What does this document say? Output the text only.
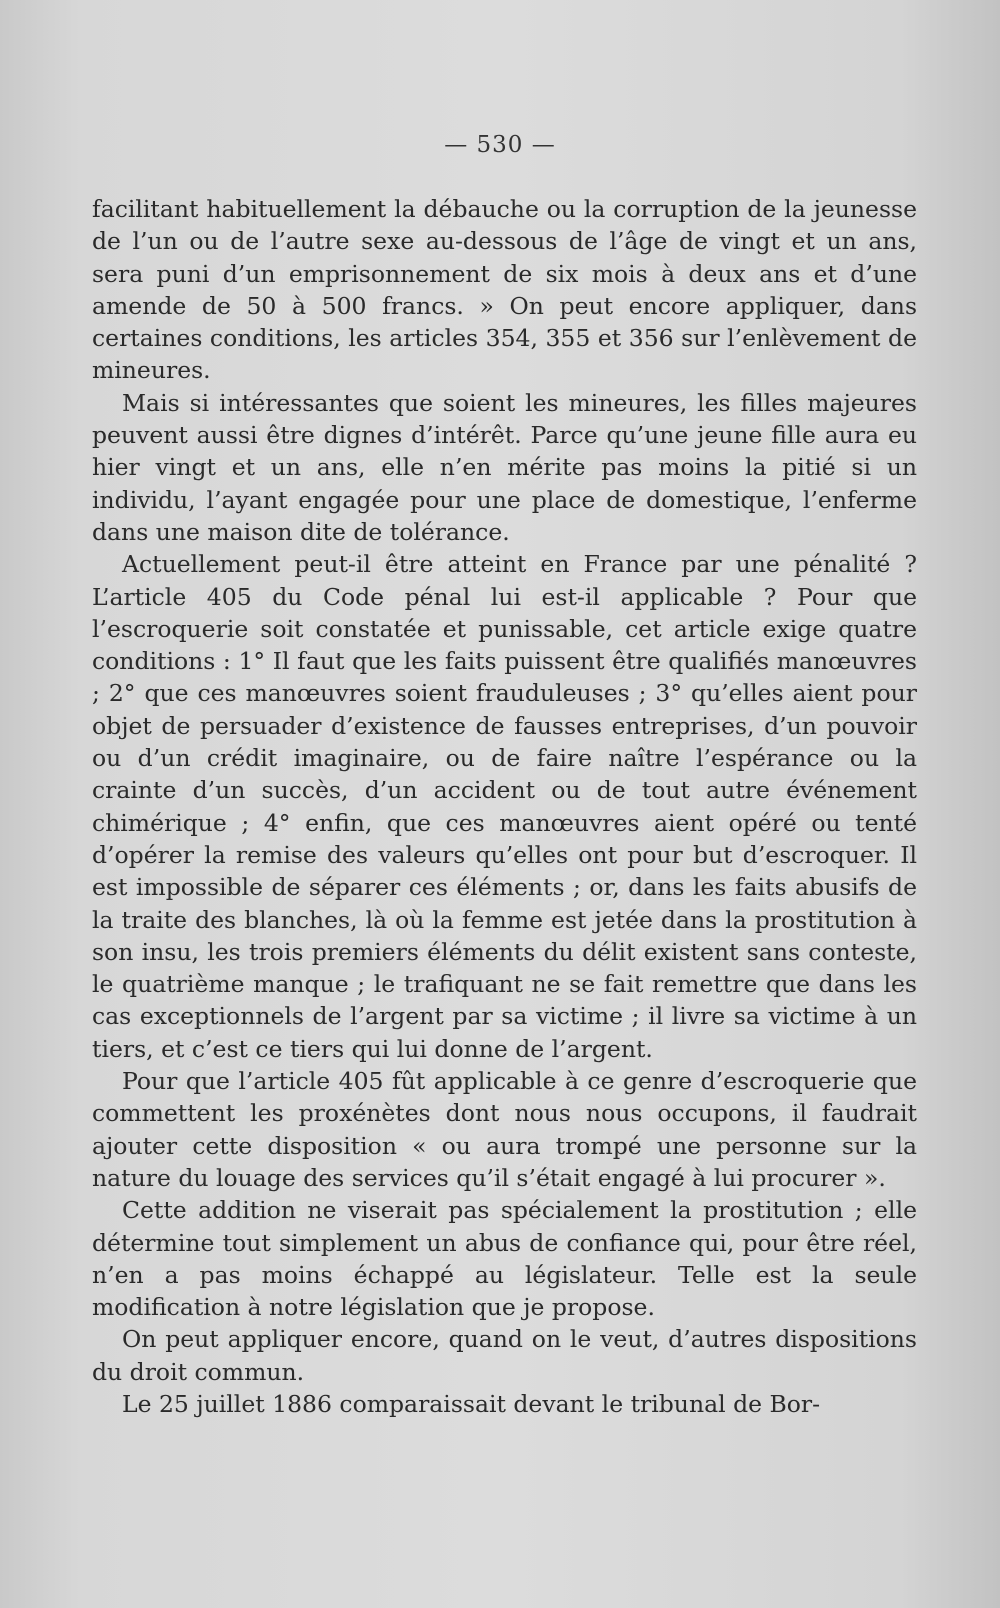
— 530 —

facilitant habituellement la débauche ou la corruption de la jeunesse de l’un ou de l’autre sexe au-dessous de l’âge de vingt et un ans, sera puni d’un emprisonnement de six mois à deux ans et d’une amende de 50 à 500 francs. » On peut encore appliquer, dans certaines conditions, les articles 354, 355 et 356 sur l’enlèvement de mineures.

Mais si intéressantes que soient les mineures, les filles majeures peuvent aussi être dignes d’intérêt. Parce qu’une jeune fille aura eu hier vingt et un ans, elle n’en mérite pas moins la pitié si un individu, l’ayant engagée pour une place de domestique, l’enferme dans une maison dite de tolérance.

Actuellement peut-il être atteint en France par une pénalité ? L’article 405 du Code pénal lui est-il applicable ? Pour que l’escroquerie soit constatée et punissable, cet article exige quatre conditions : 1° Il faut que les faits puissent être qualifiés manœuvres ; 2° que ces manœuvres soient frauduleuses ; 3° qu’elles aient pour objet de persuader d’existence de fausses entreprises, d’un pouvoir ou d’un crédit imaginaire, ou de faire naître l’espérance ou la crainte d’un succès, d’un accident ou de tout autre événement chimérique ; 4° enfin, que ces manœuvres aient opéré ou tenté d’opérer la remise des valeurs qu’elles ont pour but d’escroquer. Il est impossible de séparer ces éléments ; or, dans les faits abusifs de la traite des blanches, là où la femme est jetée dans la prostitution à son insu, les trois premiers éléments du délit existent sans conteste, le quatrième manque ; le trafiquant ne se fait remettre que dans les cas exceptionnels de l’argent par sa victime ; il livre sa victime à un tiers, et c’est ce tiers qui lui donne de l’argent.

Pour que l’article 405 fût applicable à ce genre d’escroquerie que commettent les proxénètes dont nous nous occupons, il faudrait ajouter cette disposition « ou aura trompé une personne sur la nature du louage des services qu’il s’était engagé à lui procurer ».

Cette addition ne viserait pas spécialement la prostitution ; elle détermine tout simplement un abus de confiance qui, pour être réel, n’en a pas moins échappé au législateur. Telle est la seule modification à notre législation que je propose.

On peut appliquer encore, quand on le veut, d’autres dispositions du droit commun.

Le 25 juillet 1886 comparaissait devant le tribunal de Bor-
